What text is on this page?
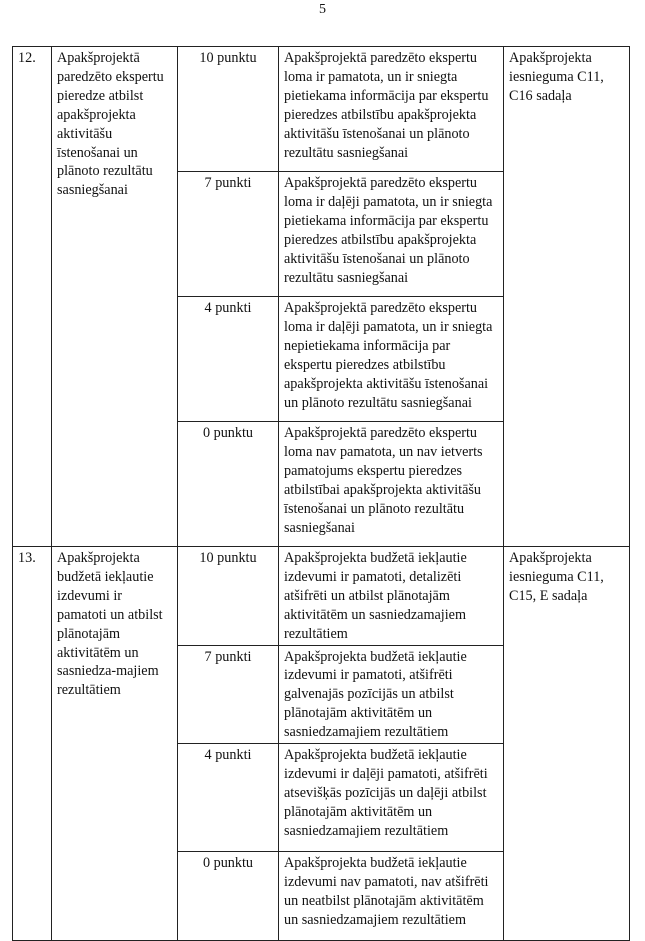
5
12.	Apakšprojektā paredzēto ekspertu pieredze atbilst apakšprojekta aktivitāšu īstenošanai un plānoto rezultātu sasniegšanai	10 punktu	Apakšprojektā paredzēto ekspertu loma ir pamatota, un ir sniegta pietiekama informācija par ekspertu pieredzes atbilstību apakšprojekta aktivitāšu īstenošanai un plānoto rezultātu sasniegšanai	Apakšprojekta iesnieguma C11, C16 sadaļa
		7 punkti	Apakšprojektā paredzēto ekspertu loma ir daļēji pamatota, un ir sniegta pietiekama informācija par ekspertu pieredzes atbilstību apakšprojekta aktivitāšu īstenošanai un plānoto rezultātu sasniegšanai	
		4 punkti	Apakšprojektā paredzēto ekspertu loma ir daļēji pamatota, un ir sniegta nepietiekama informācija par ekspertu pieredzes atbilstību apakšprojekta aktivitāšu īstenošanai un plānoto rezultātu sasniegšanai	
		0 punktu	Apakšprojektā paredzēto ekspertu loma nav pamatota, un nav ietverts pamatojums ekspertu pieredzes atbilstībai apakšprojekta aktivitāšu īstenošanai un plānoto rezultātu sasniegšanai	
13.	Apakšprojekta budžetā iekļautie izdevumi ir pamatoti un atbilst plānotajām aktivitātēm un sasniedza-majiem rezultātiem	10 punktu	Apakšprojekta budžetā iekļautie izdevumi ir pamatoti, detalizēti atšifrēti un atbilst plānotajām aktivitātēm un sasniedzamajiem rezultātiem	Apakšprojekta iesnieguma C11, C15, E sadaļa
		7 punkti	Apakšprojekta budžetā iekļautie izdevumi ir pamatoti, atšifrēti galvenajās pozīcijās un atbilst plānotajām aktivitātēm un sasniedzamajiem rezultātiem	
		4 punkti	Apakšprojekta budžetā iekļautie izdevumi ir daļēji pamatoti, atšifrēti atsevišķās pozīcijās un daļēji atbilst plānotajām aktivitātēm un sasniedzamajiem rezultātiem	
		0 punktu	Apakšprojekta budžetā iekļautie izdevumi nav pamatoti, nav atšifrēti un neatbilst plānotajām aktivitātēm un sasniedzamajiem rezultātiem	
